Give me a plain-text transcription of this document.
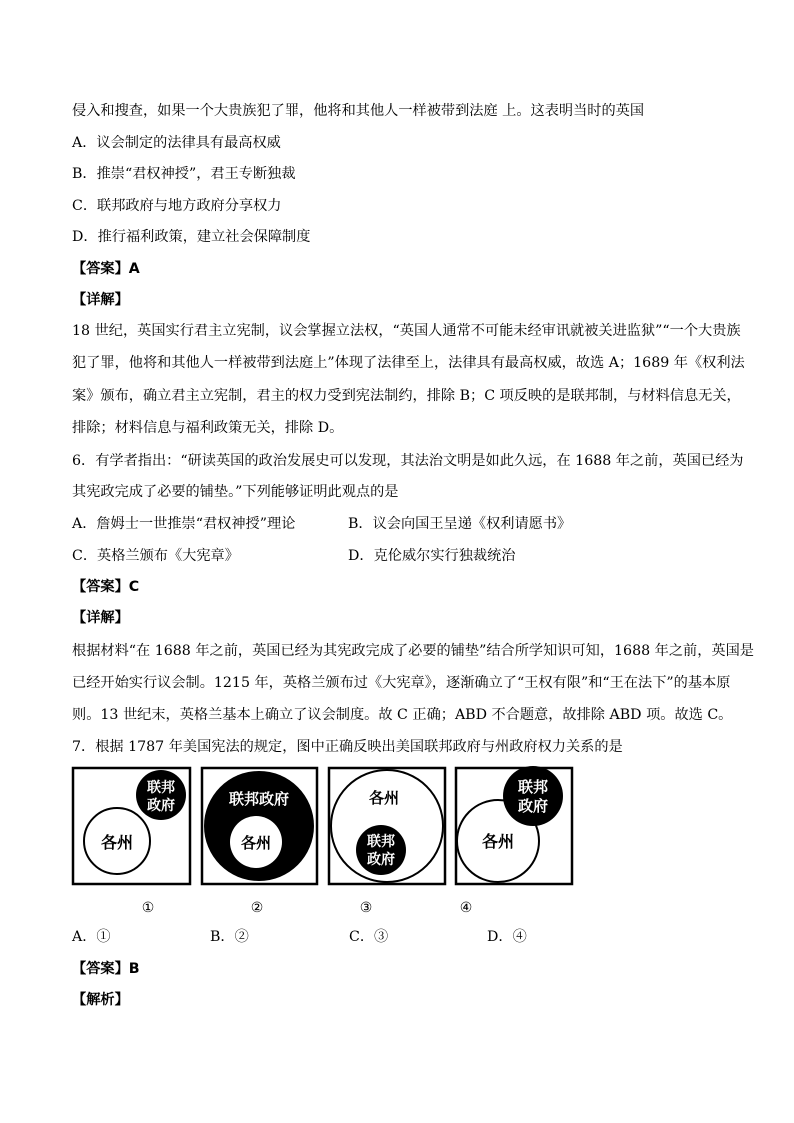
侵入和搜查，如果一个大贵族犯了罪，他将和其他人一样被带到法庭 上。这表明当时的英国
A．议会制定的法律具有最高权威
B．推崇“君权神授”，君王专断独裁
C．联邦政府与地方政府分享权力
D．推行福利政策，建立社会保障制度
【答案】A
【详解】
18 世纪，英国实行君主立宪制，议会掌握立法权，“英国人通常不可能未经审讯就被关进监狱”“一个大贵族
犯了罪，他将和其他人一样被带到法庭上”体现了法律至上，法律具有最高权威，故选 A；1689 年《权利法
案》颁布，确立君主立宪制，君主的权力受到宪法制约，排除 B；C 项反映的是联邦制，与材料信息无关，
排除；材料信息与福利政策无关，排除 D。
6．有学者指出：“研读英国的政治发展史可以发现，其法治文明是如此久远，在 1688 年之前，英国已经为
其宪政完成了必要的铺垫。”下列能够证明此观点的是
A．詹姆士一世推崇“君权神授”理论	B．议会向国王呈递《权利请愿书》
C．英格兰颁布《大宪章》	D．克伦威尔实行独裁统治
【答案】C
【详解】
根据材料“在 1688 年之前，英国已经为其宪政完成了必要的铺垫”结合所学知识可知，1688 年之前，英国是
已经开始实行议会制。1215 年，英格兰颁布过《大宪章》，逐渐确立了“王权有限”和“王在法下”的基本原
则。13 世纪末，英格兰基本上确立了议会制度。故 C 正确；ABD 不合题意，故排除 ABD 项。故选 C。
7．根据 1787 年美国宪法的规定，图中正确反映出美国联邦政府与州政府权力关系的是
各州
联邦
政府	联邦政府
各州
各州
联邦
政府
各州
联邦
政府
①	②	③	④
A．①	B．②	C．③	D．④
【答案】B
【解析】
